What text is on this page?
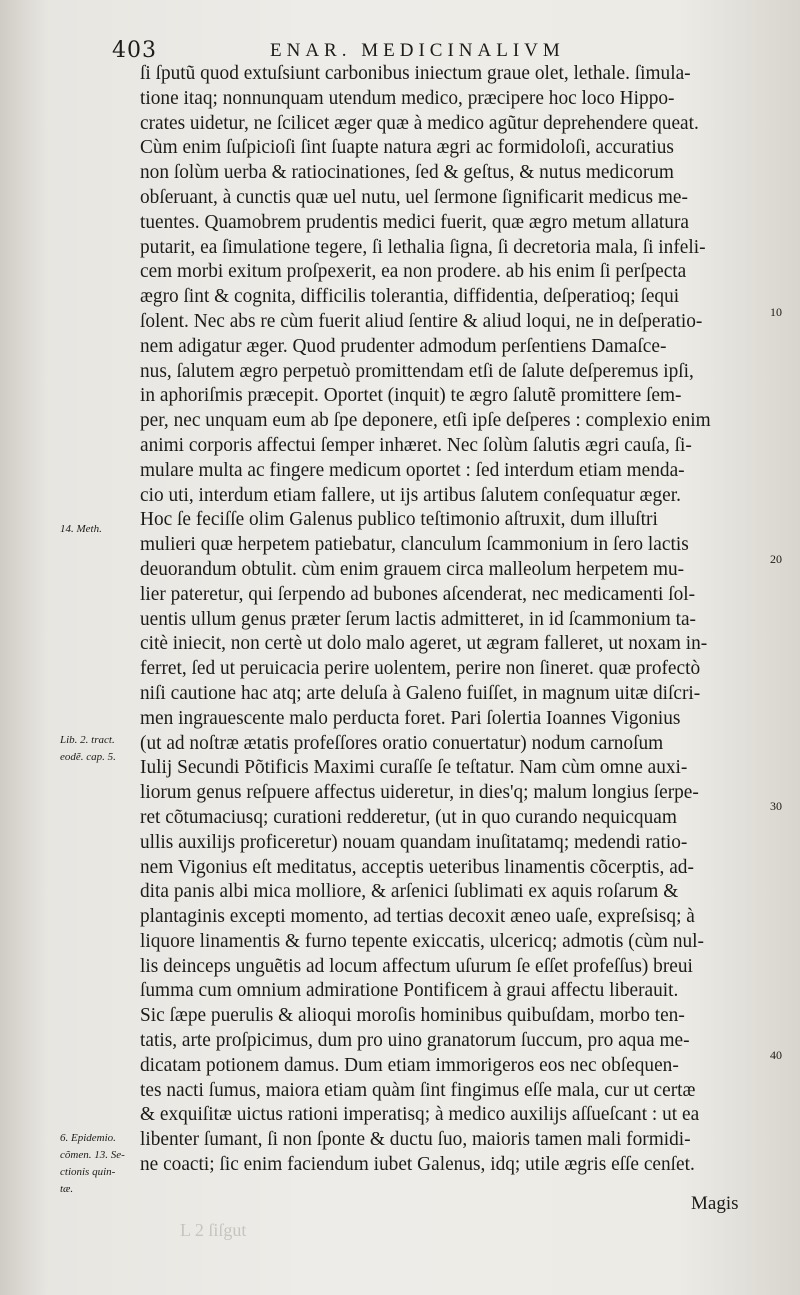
403	ENAR. MEDICINALIVM
ſi ſputũ quod extuſsiunt carbonibus iniectum graue olet, lethale. ſimula-
tione itaq; nonnunquam utendum medico, præcipere hoc loco Hippo-
crates uidetur, ne ſcilicet æger quæ à medico agũtur deprehendere queat.
Cùm enim ſuſpicioſi ſint ſuapte natura ægri ac formidoloſi, accuratius
non ſolùm uerba & ratiocinationes, ſed & geſtus, & nutus medicorum
obſeruant, à cunctis quæ uel nutu, uel ſermone ſignificarit medicus me-
tuentes. Quamobrem prudentis medici fuerit, quæ ægro metum allatura
putarit, ea ſimulatione tegere, ſi lethalia ſigna, ſi decretoria mala, ſi infeli-
cem morbi exitum proſpexerit, ea non prodere. ab his enim ſi perſpecta
ægro ſint & cognita, difficilis tolerantia, diffidentia, deſperatioq; ſequi
ſolent. Nec abs re cùm fuerit aliud ſentire & aliud loqui, ne in deſperatio-
nem adigatur æger. Quod prudenter admodum perſentiens Damaſce-
nus, ſalutem ægro perpetuò promittendam etſi de ſalute deſperemus ipſi,
in aphoriſmis præcepit. Oportet (inquit) te ægro ſalutẽ promittere ſem-
per, nec unquam eum ab ſpe deponere, etſi ipſe deſperes : complexio enim
animi corporis affectui ſemper inhæret. Nec ſolùm ſalutis ægri cauſa, ſi-
mulare multa ac fingere medicum oportet : ſed interdum etiam menda-
cio uti, interdum etiam fallere, ut ijs artibus ſalutem conſequatur æger.
Hoc ſe feciſſe olim Galenus publico teſtimonio aſtruxit, dum illuſtri
mulieri quæ herpetem patiebatur, clanculum ſcammonium in ſero lactis
deuorandum obtulit. cùm enim grauem circa malleolum herpetem mu-
lier pateretur, qui ſerpendo ad bubones aſcenderat, nec medicamenti ſol-
uentis ullum genus præter ſerum lactis admitteret, in id ſcammonium ta-
citè iniecit, non certè ut dolo malo ageret, ut ægram falleret, ut noxam in-
ferret, ſed ut peruicacia perire uolentem, perire non ſineret. quæ profectò
niſi cautione hac atq; arte deluſa à Galeno fuiſſet, in magnum uitæ diſcri-
men ingrauescente malo perducta foret. Pari ſolertia Ioannes Vigonius
(ut ad noſtræ ætatis profeſſores oratio conuertatur) nodum carnoſum
Iulij Secundi Põtificis Maximi curaſſe ſe teſtatur. Nam cùm omne auxi-
liorum genus reſpuere affectus uideretur, in dies'q; malum longius ſerpe-
ret cõtumaciusq; curationi redderetur, (ut in quo curando nequicquam
ullis auxilijs proficeretur) nouam quandam inuſitatamq; medendi ratio-
nem Vigonius eſt meditatus, acceptis ueteribus linamentis cõcerptis, ad-
dita panis albi mica molliore, & arſenici ſublimati ex aquis roſarum &
plantaginis excepti momento, ad tertias decoxit æneo uaſe, expreſsisq; à
liquore linamentis & furno tepente exiccatis, ulcericq; admotis (cùm nul-
lis deinceps unguẽtis ad locum affectum uſurum ſe eſſet profeſſus) breui
ſumma cum omnium admiratione Pontificem à graui affectu liberauit.
Sic ſæpe puerulis & alioqui moroſis hominibus quibuſdam, morbo ten-
tatis, arte proſpicimus, dum pro uino granatorum ſuccum, pro aqua me-
dicatam potionem damus. Dum etiam immorigeros eos nec obſequen-
tes nacti ſumus, maiora etiam quàm ſint fingimus eſſe mala, cur ut certæ
& exquiſitæ uictus rationi imperatisq; à medico auxilijs aſſueſcant : ut ea
libenter ſumant, ſi non ſponte & ductu ſuo, maioris tamen mali formidi-
ne coacti; ſic enim faciendum iubet Galenus, idq; utile ægris eſſe cenſet.
14. Meth.
Lib. 2. tract.
eodẽ. cap. 5.
6. Epidemio.
cõmen. 13. Se-
ctionis quin-
tæ.
10
20
30
40
Magis
L 2 ſiſgut
